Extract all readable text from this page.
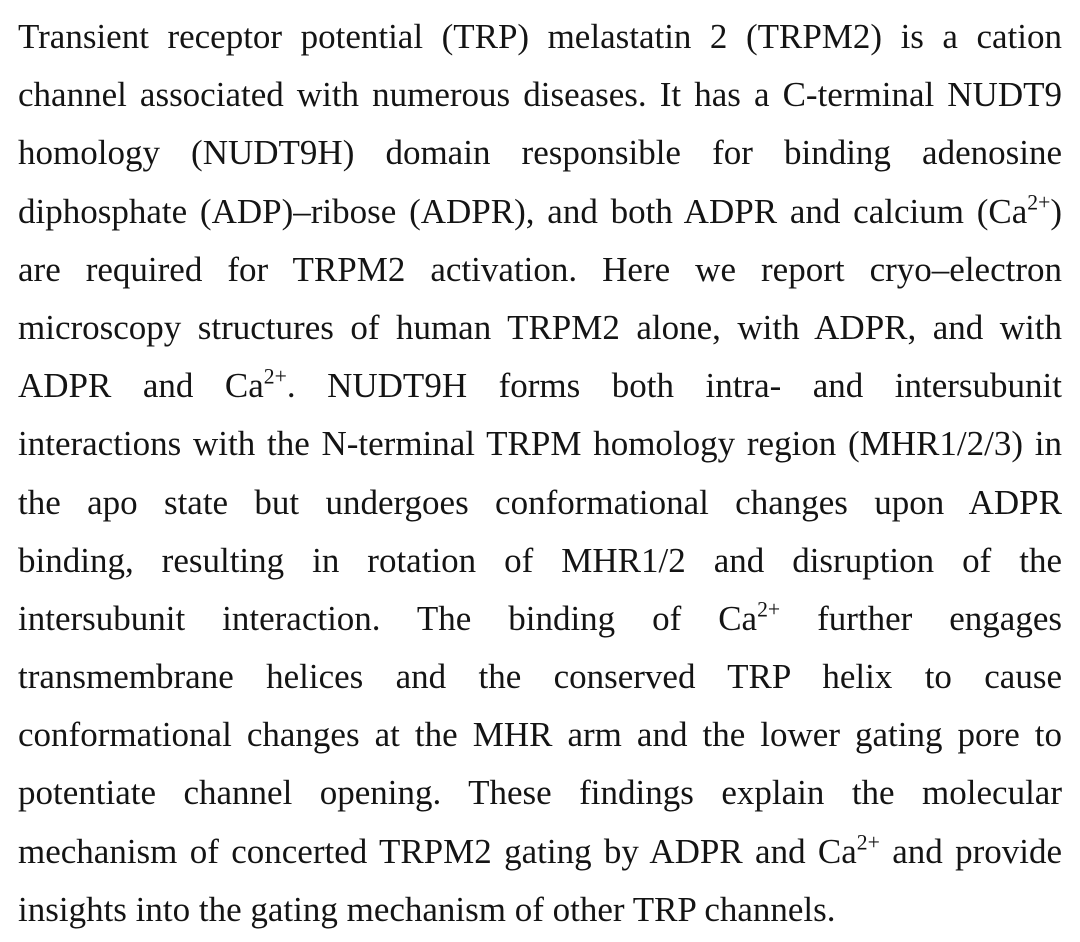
Transient receptor potential (TRP) melastatin 2 (TRPM2) is a cation
channel associated with numerous diseases. It has a C-terminal NUDT9
homology (NUDT9H) domain responsible for binding adenosine
diphosphate (ADP)–ribose (ADPR), and both ADPR and calcium $(Ca^{2+})$
are required for TRPM2 activation. Here we report cryo–electron
microscopy structures of human TRPM2 alone, with ADPR, and with
ADPR and $Ca^{2+}$. NUDT9H forms both intra- and intersubunit
interactions with the N-terminal TRPM homology region (MHR1/2/3) in
the apo state but undergoes conformational changes upon ADPR
binding, resulting in rotation of MHR1/2 and disruption of the
intersubunit interaction. The binding of $Ca^{2+}$ further engages
transmembrane helices and the conserved TRP helix to cause
conformational changes at the MHR arm and the lower gating pore to
potentiate channel opening. These findings explain the molecular
mechanism of concerted TRPM2 gating by ADPR and $Ca^{2+}$ and provide
insights into the gating mechanism of other TRP channels.
